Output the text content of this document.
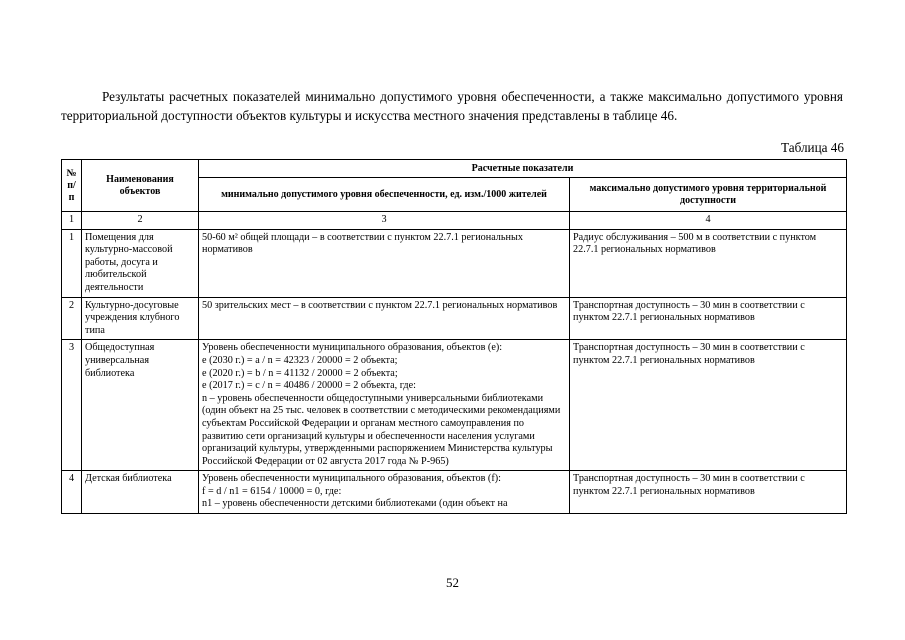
Результаты расчетных показателей минимально допустимого уровня обеспеченности, а также максимально допустимого уровня территориальной доступности объектов культуры и искусства местного значения представлены в таблице 46.

Таблица 46

№ п/п	Наименования объектов	Расчетные показатели	
		минимально допустимого уровня обеспеченности, ед. изм./1000 жителей	максимально допустимого уровня территориальной доступности
1	2	3	4
1	Помещения для культурно-массовой работы, досуга и любительской деятельности	50-60 м² общей площади – в соответствии с пунктом 22.7.1 региональных нормативов	Радиус обслуживания – 500 м в соответствии с пунктом 22.7.1 региональных нормативов
2	Культурно-досуговые учреждения клубного типа	50 зрительских мест – в соответствии с пунктом 22.7.1 региональных нормативов	Транспортная доступность – 30 мин в соответствии с пунктом 22.7.1 региональных нормативов
3	Общедоступная универсальная библиотека	Уровень обеспеченности муниципального образования, объектов (е):
е (2030 г.) = a / n = 42323 / 20000 = 2 объекта;
е (2020 г.) = b / n = 41132 / 20000 = 2 объекта;
е (2017 г.) = c / n = 40486 / 20000 = 2 объекта, где:
n – уровень обеспеченности общедоступными универсальными библиотеками (один объект на 25 тыс. человек в соответствии с методическими рекомендациями субъектам Российской Федерации и органам местного самоуправления по развитию сети организаций культуры и обеспеченности населения услугами организаций культуры, утвержденными распоряжением Министерства культуры Российской Федерации от 02 августа 2017 года № Р-965)	Транспортная доступность – 30 мин в соответствии с пунктом 22.7.1 региональных нормативов
4	Детская библиотека	Уровень обеспеченности муниципального образования, объектов (f):
f = d / n1 = 6154 / 10000 = 0, где:
n1 – уровень обеспеченности детскими библиотеками (один объект на	Транспортная доступность – 30 мин в соответствии с пунктом 22.7.1 региональных нормативов

52
